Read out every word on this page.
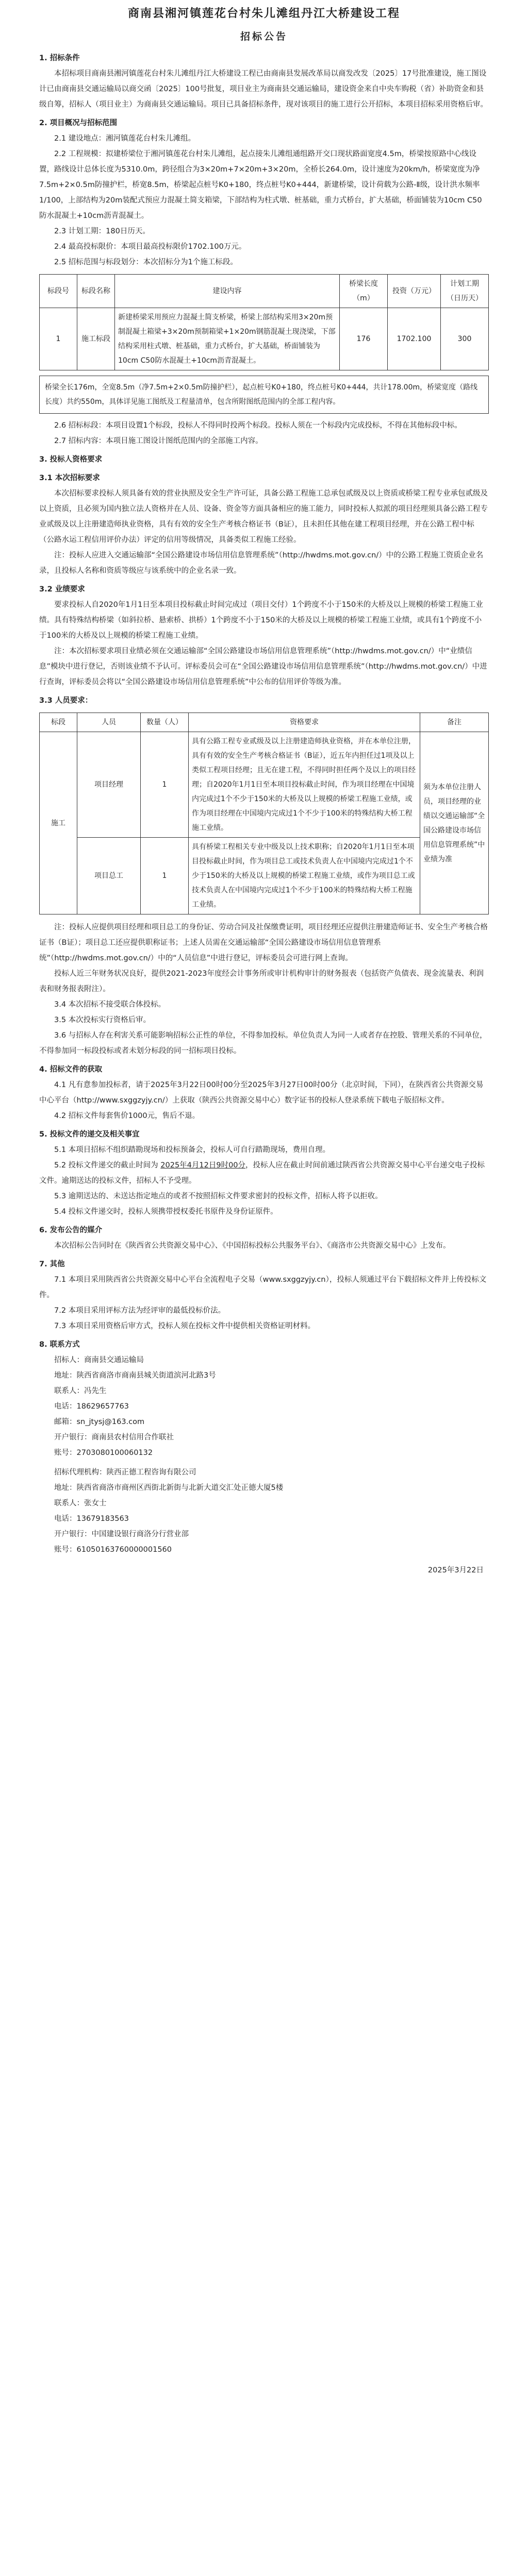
商南县湘河镇莲花台村朱儿滩组丹江大桥建设工程
招标公告
1. 招标条件

本招标项目商南县湘河镇莲花台村朱儿滩组丹江大桥建设工程已由商南县发展改革局以商发改发〔2025〕17号批准建设，施工图设计已由商南县交通运输局以商交函〔2025〕100号批复，项目业主为商南县交通运输局，建设资金来自中央车购税（省）补助资金和县级自筹，招标人（项目业主）为商南县交通运输局。项目已具备招标条件，现对该项目的施工进行公开招标，本项目招标采用资格后审。

2. 项目概况与招标范围

2.1 建设地点：湘河镇莲花台村朱儿滩组。

2.2 工程规模：拟建桥梁位于湘河镇莲花台村朱儿滩组，起点接朱儿滩组通组路开交口现状路面宽度4.5m，桥梁按原路中心线设置，路线设计总体长度为5310.0m，跨径组合为3×20m+7×20m+3×20m，全桥长264.0m，设计速度为20km/h，桥梁宽度为净7.5m+2×0.5m防撞护栏，桥宽8.5m，桥梁起点桩号K0+180，终点桩号K0+444，新建桥梁，设计荷载为公路-Ⅱ级，设计洪水频率1/100，上部结构为20m装配式预应力混凝土简支箱梁，下部结构为柱式墩、桩基础，重力式桥台，扩大基础，桥面铺装为10cm C50防水混凝土+10cm沥青混凝土。

2.3 计划工期：180日历天。

2.4 最高投标限价：本项目最高投标限价1702.100万元。

2.5 招标范围与标段划分：本次招标分为1个施工标段。

标段号	标段名称	建设内容	桥梁长度（m）	投资（万元）	计划工期（日历天）
1	施工标段	新建桥梁采用预应力混凝土简支桥梁，桥梁上部结构采用3×20m预制混凝土箱梁+3×20m预制箱梁+1×20m钢筋混凝土现浇梁，下部结构采用柱式墩、桩基础，重力式桥台，扩大基础，桥面铺装为10cm C50防水混凝土+10cm沥青混凝土。	176	1702.100	300
桥梁全长176m，全宽8.5m（净7.5m+2×0.5m防撞护栏），起点桩号K0+180，终点桩号K0+444，共计178.00m，桥梁宽度（路线长度）共约550m，具体详见施工图纸及工程量清单，包含所附图纸范围内的全部工程内容。

2.6 招标标段：本项目设置1个标段，投标人不得同时投两个标段。投标人须在一个标段内完成投标，不得在其他标段中标。

2.7 招标内容：本项目施工图设计图纸范围内的全部施工内容。

3. 投标人资格要求
3.1 本次招标要求

本次招标要求投标人须具备有效的营业执照及安全生产许可证，具备公路工程施工总承包贰级及以上资质或桥梁工程专业承包贰级及以上资质，且必须为国内独立法人资格并在人员、设备、资金等方面具备相应的施工能力，同时投标人拟派的项目经理须具备公路工程专业贰级及以上注册建造师执业资格，具有有效的安全生产考核合格证书（B证），且未担任其他在建工程项目经理，并在公路工程中标（公路水运工程信用评价办法）评定的信用等级情况，具备类似工程施工经验。

注：投标人应进入交通运输部“全国公路建设市场信用信息管理系统”（http://hwdms.mot.gov.cn/）中的公路工程施工资质企业名录，且投标人名称和资质等级应与该系统中的企业名录一致。

3.2 业绩要求

要求投标人自2020年1月1日至本项目投标截止时间完成过（项目交付）1个跨度不小于150米的大桥及以上规模的桥梁工程施工业绩。具有特殊结构桥梁（如斜拉桥、悬索桥、拱桥）1个跨度不小于150米的大桥及以上规模的桥梁工程施工业绩，或具有1个跨度不小于100米的大桥及以上规模的桥梁工程施工业绩。

注：本次招标要求项目业绩必须在交通运输部“全国公路建设市场信用信息管理系统”（http://hwdms.mot.gov.cn/）中“业绩信息”模块中进行登记，否则该业绩不予认可。评标委员会可在“全国公路建设市场信用信息管理系统”（http://hwdms.mot.gov.cn/）中进行查询，评标委员会将以“全国公路建设市场信用信息管理系统”中公布的信用评价等级为准。

3.3 人员要求：
标段	人员	数量（人）	资格要求	备注
施工	项目经理	1	具有公路工程专业贰级及以上注册建造师执业资格，并在本单位注册，具有有效的安全生产考核合格证书（B证），近五年内担任过1项及以上类似工程项目经理；且无在建工程，不得同时担任两个及以上的项目经理；自2020年1月1日至本项目投标截止时间，作为项目经理在中国境内完成过1个不少于150米的大桥及以上规模的桥梁工程施工业绩，或作为项目经理在中国境内完成过1个不少于100米的特殊结构大桥工程施工业绩。	须为本单位注册人员，项目经理的业绩以交通运输部“全国公路建设市场信用信息管理系统”中业绩为准
	项目总工	1	具有桥梁工程相关专业中级及以上技术职称；自2020年1月1日至本项目投标截止时间，作为项目总工或技术负责人在中国境内完成过1个不少于150米的大桥及以上规模的桥梁工程施工业绩，或作为项目总工或技术负责人在中国境内完成过1个不少于100米的特殊结构大桥工程施工业绩。	

注：投标人应提供项目经理和项目总工的身份证、劳动合同及社保缴费证明，项目经理还应提供注册建造师证书、安全生产考核合格证书（B证）；项目总工还应提供职称证书；上述人员需在交通运输部“全国公路建设市场信用信息管理系统”（http://hwdms.mot.gov.cn/）中的“人员信息”中进行登记，评标委员会可进行网上查询。

投标人近三年财务状况良好，提供2021-2023年度经会计事务所或审计机构审计的财务报表（包括资产负债表、现金流量表、利润表和财务报表附注）。

3.4 本次招标不接受联合体投标。

3.5 本次投标实行资格后审。

3.6 与招标人存在利害关系可能影响招标公正性的单位，不得参加投标。单位负责人为同一人或者存在控股、管理关系的不同单位，不得参加同一标段投标或者未划分标段的同一招标项目投标。

4. 招标文件的获取

4.1 凡有意参加投标者，请于2025年3月22日00时00分至2025年3月27日00时00分（北京时间，下同），在陕西省公共资源交易中心平台（http://www.sxggzyjy.cn/）上获取（陕西公共资源交易中心）数字证书的投标人登录系统下载电子版招标文件。

4.2 招标文件每套售价1000元，售后不退。

5. 投标文件的递交及相关事宜

5.1 本项目招标不组织踏勘现场和投标预备会，投标人可自行踏勘现场，费用自理。

5.2 投标文件递交的截止时间为 2025年4月12日9时00分，投标人应在截止时间前通过陕西省公共资源交易中心平台递交电子投标文件。逾期送达的投标文件，招标人不予受理。

5.3 逾期送达的、未送达指定地点的或者不按照招标文件要求密封的投标文件，招标人将予以拒收。

5.4 投标文件递交时，投标人须携带授权委托书原件及身份证原件。

6. 发布公告的媒介

本次招标公告同时在《陕西省公共资源交易中心》、《中国招标投标公共服务平台》、《商洛市公共资源交易中心》上发布。

7. 其他

7.1 本项目采用陕西省公共资源交易中心平台全流程电子交易（www.sxggzyjy.cn），投标人须通过平台下载招标文件并上传投标文件。

7.2 本项目采用评标方法为经评审的最低投标价法。

7.3 本项目采用资格后审方式，投标人须在投标文件中提供相关资格证明材料。

8. 联系方式

招标人：商南县交通运输局

地址：陕西省商洛市商南县城关街道滨河北路3号

联系人：冯先生

电话：18629657763

邮箱：sn_jtysj@163.com

开户银行：商南县农村信用合作联社

账号：2703080100060132

招标代理机构：陕西正德工程咨询有限公司

地址：陕西省商洛市商州区西街北新街与北新大道交汇处正德大厦5楼

联系人：张女士

电话：13679183563

开户银行：中国建设银行商洛分行营业部

账号：61050163760000001560

2025年3月22日
